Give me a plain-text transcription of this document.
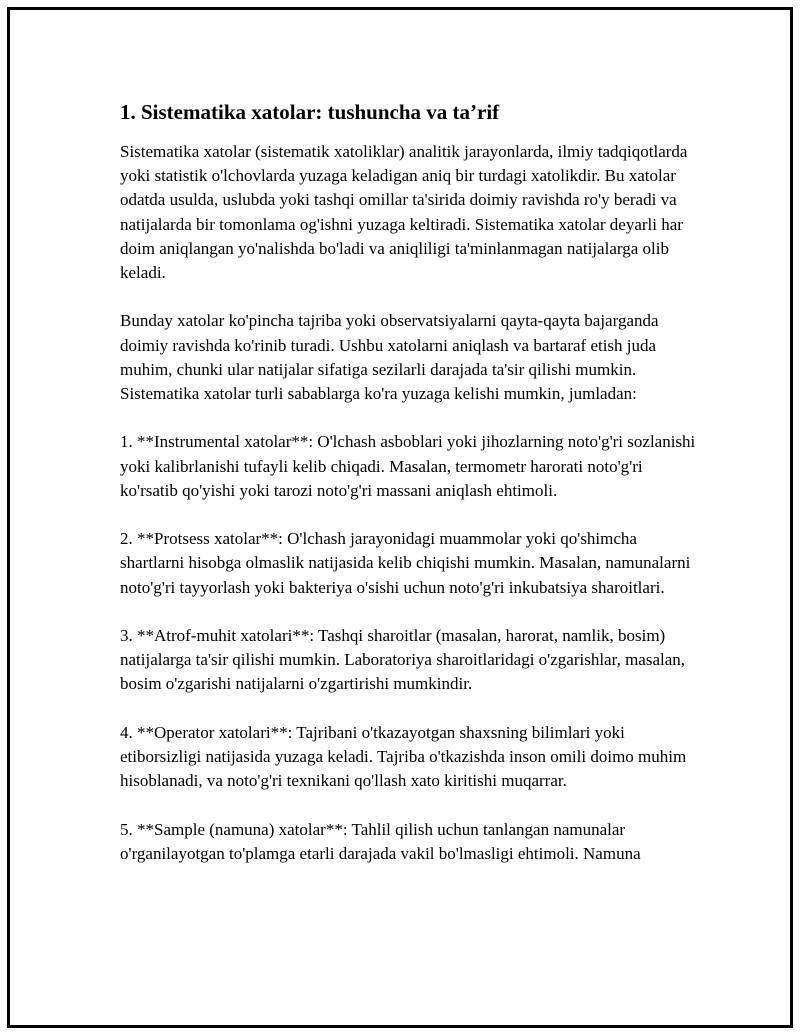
1. Sistematika xatolar: tushuncha va ta’rif

Sistematika xatolar (sistematik xatoliklar) analitik jarayonlarda, ilmiy tadqiqotlarda yoki statistik o'lchovlarda yuzaga keladigan aniq bir turdagi xatolikdir. Bu xatolar odatda usulda, uslubda yoki tashqi omillar ta'sirida doimiy ravishda ro'y beradi va natijalarda bir tomonlama og'ishni yuzaga keltiradi. Sistematika xatolar deyarli har doim aniqlangan yo'nalishda bo'ladi va aniqliligi ta'minlanmagan natijalarga olib keladi.

Bunday xatolar ko'pincha tajriba yoki observatsiyalarni qayta-qayta bajarganda doimiy ravishda ko'rinib turadi. Ushbu xatolarni aniqlash va bartaraf etish juda muhim, chunki ular natijalar sifatiga sezilarli darajada ta'sir qilishi mumkin. Sistematika xatolar turli sabablarga ko'ra yuzaga kelishi mumkin, jumladan:

1. **Instrumental xatolar**: O'lchash asboblari yoki jihozlarning noto'g'ri sozlanishi yoki kalibrlanishi tufayli kelib chiqadi. Masalan, termometr harorati noto'g'ri ko'rsatib qo'yishi yoki tarozi noto'g'ri massani aniqlash ehtimoli.

2. **Protsess xatolar**: O'lchash jarayonidagi muammolar yoki qo'shimcha shartlarni hisobga olmaslik natijasida kelib chiqishi mumkin. Masalan, namunalarni noto'g'ri tayyorlash yoki bakteriya o'sishi uchun noto'g'ri inkubatsiya sharoitlari.

3. **Atrof-muhit xatolari**: Tashqi sharoitlar (masalan, harorat, namlik, bosim) natijalarga ta'sir qilishi mumkin. Laboratoriya sharoitlaridagi o'zgarishlar, masalan, bosim o'zgarishi natijalarni o'zgartirishi mumkindir.

4. **Operator xatolari**: Tajribani o'tkazayotgan shaxsning bilimlari yoki etiborsizligi natijasida yuzaga keladi. Tajriba o'tkazishda inson omili doimo muhim hisoblanadi, va noto'g'ri texnikani qo'llash xato kiritishi muqarrar.

5. **Sample (namuna) xatolar**: Tahlil qilish uchun tanlangan namunalar o'rganilayotgan to'plamga etarli darajada vakil bo'lmasligi ehtimoli. Namuna
